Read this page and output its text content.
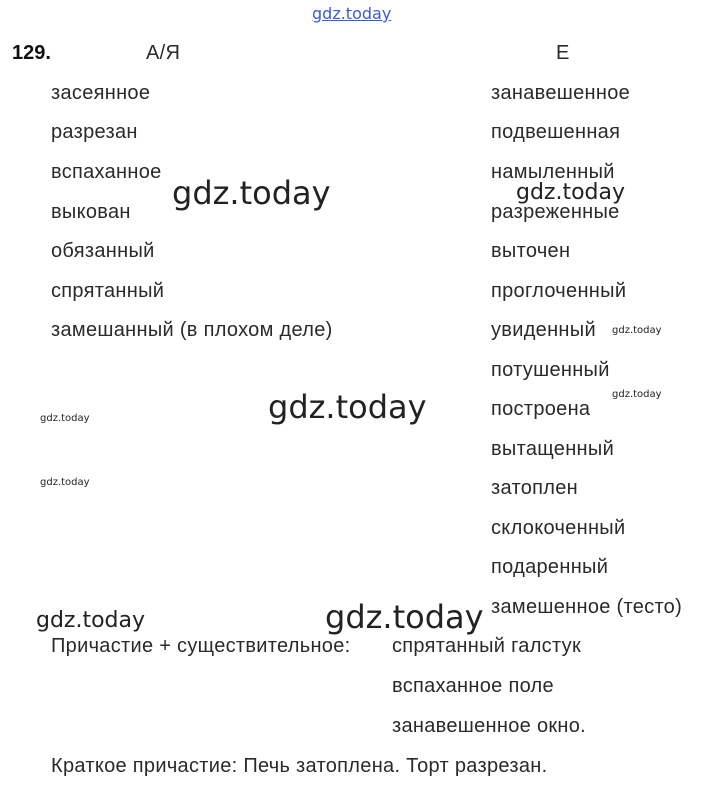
gdz.today
129.	А/Я	Е
засеянное
разрезан
вспаханное
выкован
обязанный
спрятанный
замешанный (в плохом деле)
занавешенное
подвешенная
намыленный
разреженные
выточен
проглоченный
увиденный
потушенный
построена
вытащенный
затоплен
склокоченный
подаренный
замешенное (тесто)
Причастие + существительное: спрятанный галстук
вспаханное поле
занавешенное окно.
Краткое причастие: Печь затоплена. Торт разрезан.
gdz.today	gdz.today
gdz.today
gdz.today
gdz.today
gdz.today
gdz.today
gdz.today	gdz.today
